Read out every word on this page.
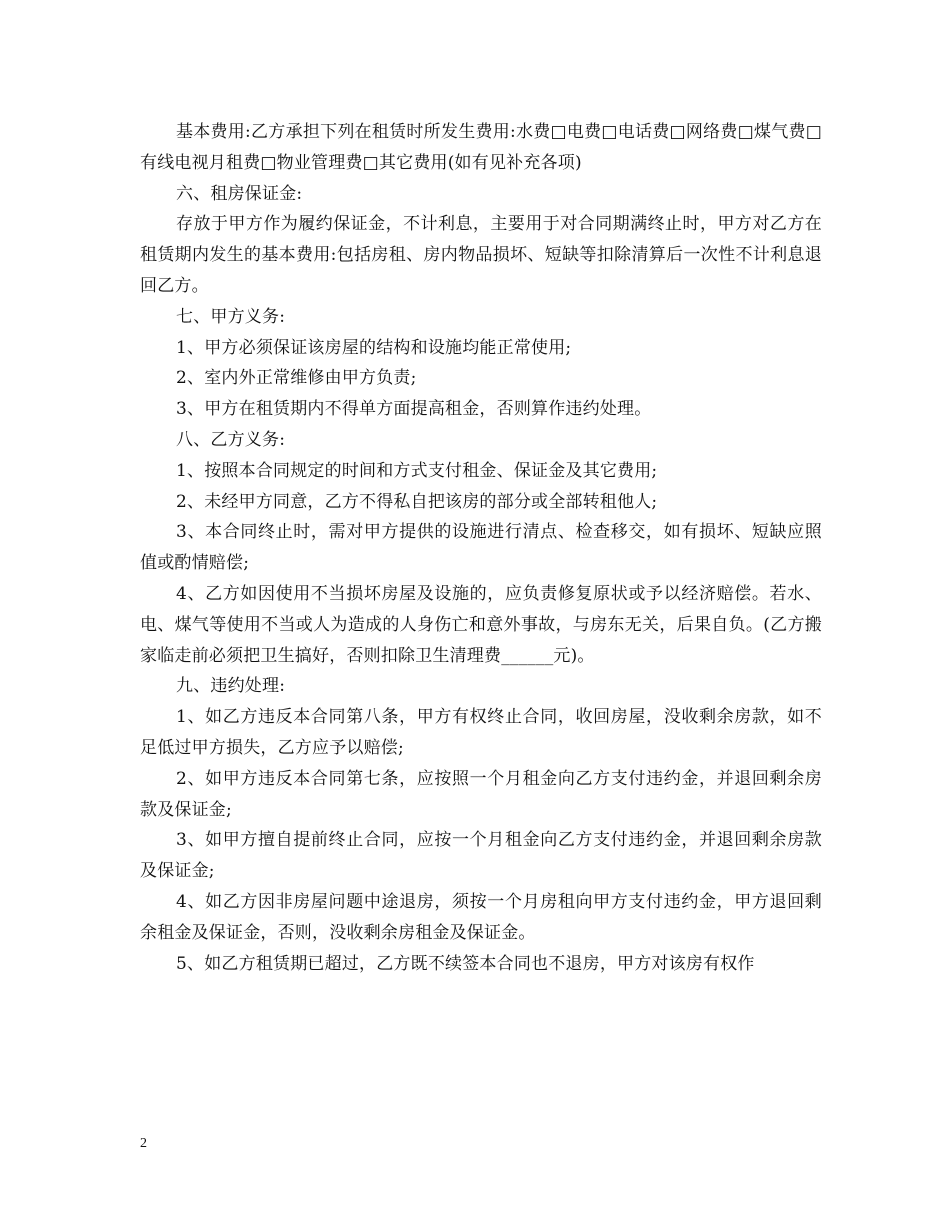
基本费用:乙方承担下列在租赁时所发生费用:水费□电费□电话费□网络费□煤气费□有线电视月租费□物业管理费□其它费用(如有见补充各项)

六、租房保证金:

存放于甲方作为履约保证金，不计利息，主要用于对合同期满终止时，甲方对乙方在租赁期内发生的基本费用:包括房租、房内物品损坏、短缺等扣除清算后一次性不计利息退回乙方。

七、甲方义务:

1、甲方必须保证该房屋的结构和设施均能正常使用;

2、室内外正常维修由甲方负责;

3、甲方在租赁期内不得单方面提高租金，否则算作违约处理。

八、乙方义务:

1、按照本合同规定的时间和方式支付租金、保证金及其它费用;

2、未经甲方同意，乙方不得私自把该房的部分或全部转租他人;

3、本合同终止时，需对甲方提供的设施进行清点、检查移交，如有损坏、短缺应照值或酌情赔偿;

4、乙方如因使用不当损坏房屋及设施的，应负责修复原状或予以经济赔偿。若水、电、煤气等使用不当或人为造成的人身伤亡和意外事故，与房东无关，后果自负。(乙方搬家临走前必须把卫生搞好，否则扣除卫生清理费______元)。

九、违约处理:

1、如乙方违反本合同第八条，甲方有权终止合同，收回房屋，没收剩余房款，如不足低过甲方损失，乙方应予以赔偿;

2、如甲方违反本合同第七条，应按照一个月租金向乙方支付违约金，并退回剩余房款及保证金;

3、如甲方擅自提前终止合同，应按一个月租金向乙方支付违约金，并退回剩余房款及保证金;

4、如乙方因非房屋问题中途退房，须按一个月房租向甲方支付违约金，甲方退回剩余租金及保证金，否则，没收剩余房租金及保证金。

5、如乙方租赁期已超过，乙方既不续签本合同也不退房，甲方对该房有权作

2
